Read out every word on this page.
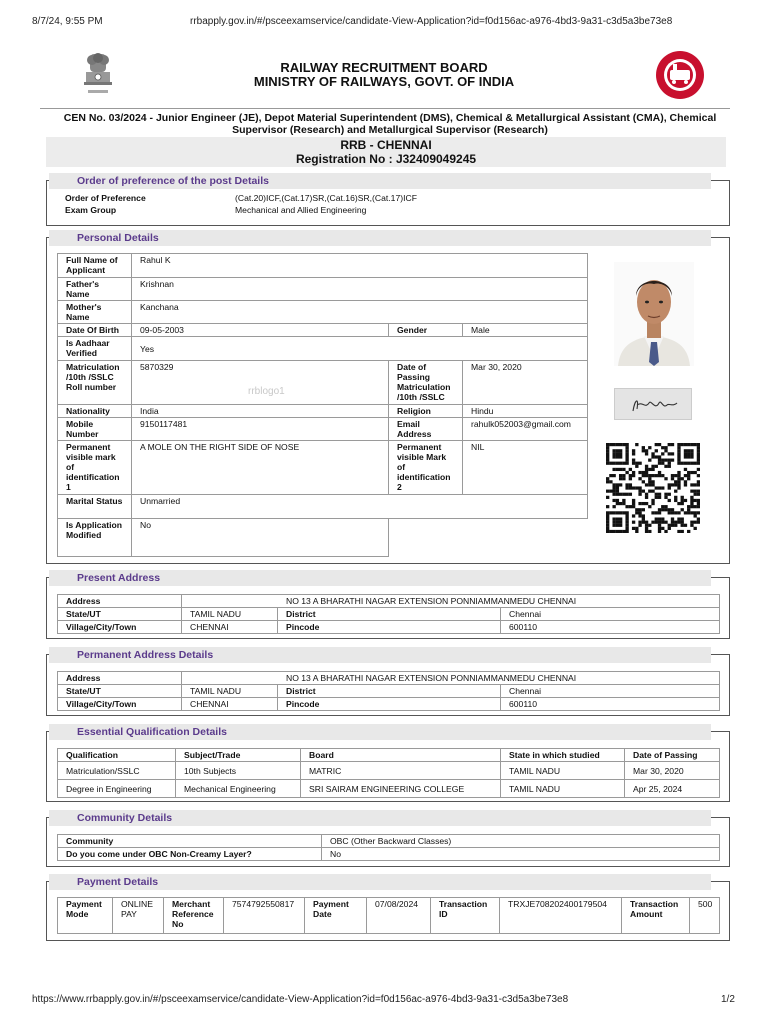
8/7/24, 9:55 PM	rrbapply.gov.in/#/psceexamservice/candidate-View-Application?id=f0d156ac-a976-4bd3-9a31-c3d5a3be73e8
RAILWAY RECRUITMENT BOARD
MINISTRY OF RAILWAYS, GOVT. OF INDIA
CEN No. 03/2024 - Junior Engineer (JE), Depot Material Superintendent (DMS), Chemical & Metallurgical Assistant (CMA), Chemical Supervisor (Research) and Metallurgical Supervisor (Research)
RRB - CHENNAI
Registration No : J32409049245
Order of preference of the post Details
Order of Preference	(Cat.20)ICF,(Cat.17)SR,(Cat.16)SR,(Cat.17)ICF
Exam Group	Mechanical and Allied Engineering
Personal Details
rrblogo1
Full Name of Applicant	Rahul K		
Father's Name	Krishnan		
Mother's Name	Kanchana		
Date Of Birth	09-05-2003	Gender	Male
Is Aadhaar Verified	Yes		
Matriculation /10th /SSLC Roll number	5870329	Date of Passing Matriculation /10th /SSLC	Mar 30, 2020
Nationality	India	Religion	Hindu
Mobile Number	9150117481	Email Address	rahulk052003@gmail.com
Permanent visible mark of identification 1	A MOLE ON THE RIGHT SIDE OF NOSE	Permanent visible Mark of identification 2	NIL
Marital Status	Unmarried		
Is Application Modified	No		
Present Address
Address	NO 13 A BHARATHI NAGAR EXTENSION PONNIAMMANMEDU CHENNAI		
State/UT	TAMIL NADU	District	Chennai
Village/City/Town	CHENNAI	Pincode	600110
Permanent Address Details
Address	NO 13 A BHARATHI NAGAR EXTENSION PONNIAMMANMEDU CHENNAI		
State/UT	TAMIL NADU	District	Chennai
Village/City/Town	CHENNAI	Pincode	600110
Essential Qualification Details
Qualification	Subject/Trade	Board	State in which studied	Date of Passing
Matriculation/SSLC	10th Subjects	MATRIC	TAMIL NADU	Mar 30, 2020
Degree in Engineering	Mechanical Engineering	SRI SAIRAM ENGINEERING COLLEGE	TAMIL NADU	Apr 25, 2024
Community Details
Community	OBC (Other Backward Classes)
Do you come under OBC Non-Creamy Layer?	No
Payment Details
Payment Mode	ONLINE PAY	Merchant Reference No	7574792550817	Payment Date	07/08/2024	Transaction ID	TRXJE708202400179504	Transaction Amount	500
https://www.rrbapply.gov.in/#/psceexamservice/candidate-View-Application?id=f0d156ac-a976-4bd3-9a31-c3d5a3be73e8	1/2
